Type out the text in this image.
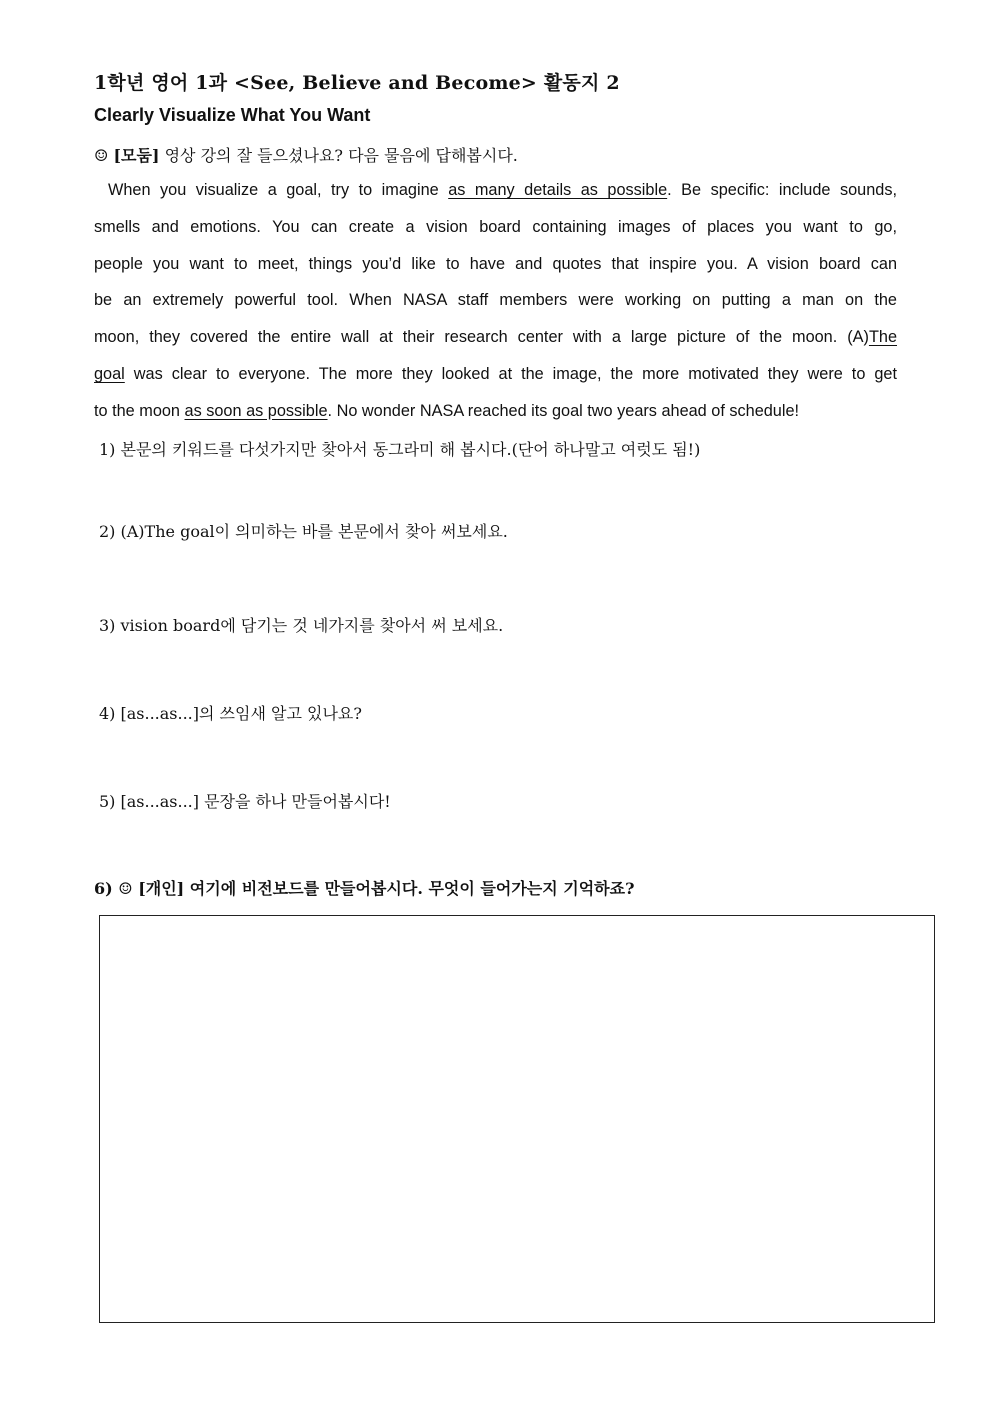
1학년 영어 1과 <See, Believe and Become> 활동지 2
Clearly Visualize What You Want
☺ [모둠] 영상 강의 잘 들으셨나요? 다음 물음에 답해봅시다.
When you visualize a goal, try to imagine as many details as possible. Be specific: include sounds,
smells and emotions. You can create a vision board containing images of places you want to go,
people you want to meet, things you’d like to have and quotes that inspire you. A vision board can
be an extremely powerful tool. When NASA staff members were working on putting a man on the
moon, they covered the entire wall at their research center with a large picture of the moon. (A)The
goal was clear to everyone. The more they looked at the image, the more motivated they were to get
to the moon as soon as possible. No wonder NASA reached its goal two years ahead of schedule!
1) 본문의 키워드를 다섯가지만 찾아서 동그라미 해 봅시다.(단어 하나말고 여럿도 됨!)
2) (A)The goal이 의미하는 바를 본문에서 찾아 써보세요.
3) vision board에 담기는 것 네가지를 찾아서 써 보세요.
4) [as...as...]의 쓰임새 알고 있나요?
5) [as...as...] 문장을 하나 만들어봅시다!
6) ☺ [개인] 여기에 비전보드를 만들어봅시다. 무엇이 들어가는지 기억하죠?
